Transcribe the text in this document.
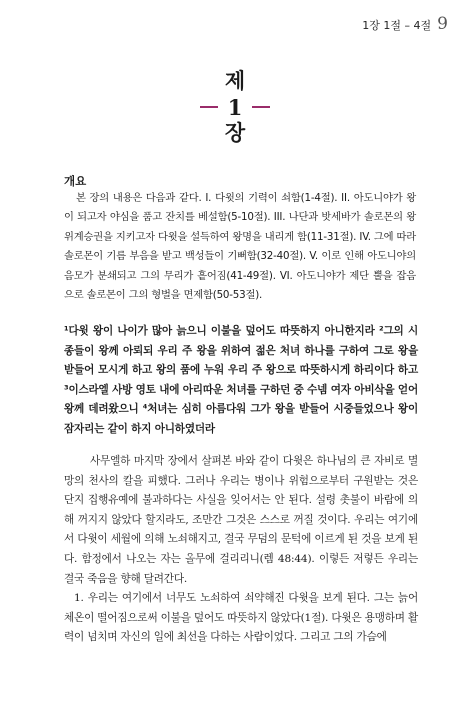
1장 1절 – 4절 9
제
1
장
개요

본 장의 내용은 다음과 같다. I. 다윗의 기력이 쇠함(1-4절). II. 아도니야가 왕이 되고자 야심을 품고 잔치를 베설함(5-10절). III. 나단과 밧세바가 솔로몬의 왕위계승권을 지키고자 다윗을 설득하여 왕명을 내리게 함(11-31절). IV. 그에 따라 솔로몬이 기름 부음을 받고 백성들이 기뻐함(32-40절). V. 이로 인해 아도니야의 음모가 분쇄되고 그의 무리가 흩어짐(41-49절). VI. 아도니야가 제단 뿔을 잡음으로 솔로몬이 그의 형벌을 면제함(50-53절).

¹다윗 왕이 나이가 많아 늙으니 이불을 덮어도 따뜻하지 아니한지라 ²그의 시종들이 왕께 아뢰되 우리 주 왕을 위하여 젊은 처녀 하나를 구하여 그로 왕을 받들어 모시게 하고 왕의 품에 누워 우리 주 왕으로 따뜻하시게 하리이다 하고 ³이스라엘 사방 영토 내에 아리따운 처녀를 구하던 중 수넴 여자 아비삭을 얻어 왕께 데려왔으니 ⁴처녀는 심히 아름다워 그가 왕을 받들어 시중들었으나 왕이 잠자리는 같이 하지 아니하였더라

사무엘하 마지막 장에서 살펴본 바와 같이 다윗은 하나님의 큰 자비로 멸망의 천사의 칼을 피했다. 그러나 우리는 병이나 위험으로부터 구원받는 것은 단지 집행유예에 불과하다는 사실을 잊어서는 안 된다. 설령 촛불이 바람에 의해 꺼지지 않았다 할지라도, 조만간 그것은 스스로 꺼질 것이다. 우리는 여기에서 다윗이 세월에 의해 노쇠해지고, 결국 무덤의 문턱에 이르게 된 것을 보게 된다. 함정에서 나오는 자는 올무에 걸리리니(렘 48:44). 이렇든 저렇든 우리는 결국 죽음을 향해 달려간다.

1. 우리는 여기에서 너무도 노쇠하여 쇠약해진 다윗을 보게 된다. 그는 늙어 체온이 떨어짐으로써 이불을 덮어도 따뜻하지 않았다(1절). 다윗은 용맹하며 활력이 넘치며 자신의 일에 최선을 다하는 사람이었다. 그리고 그의 가슴에
